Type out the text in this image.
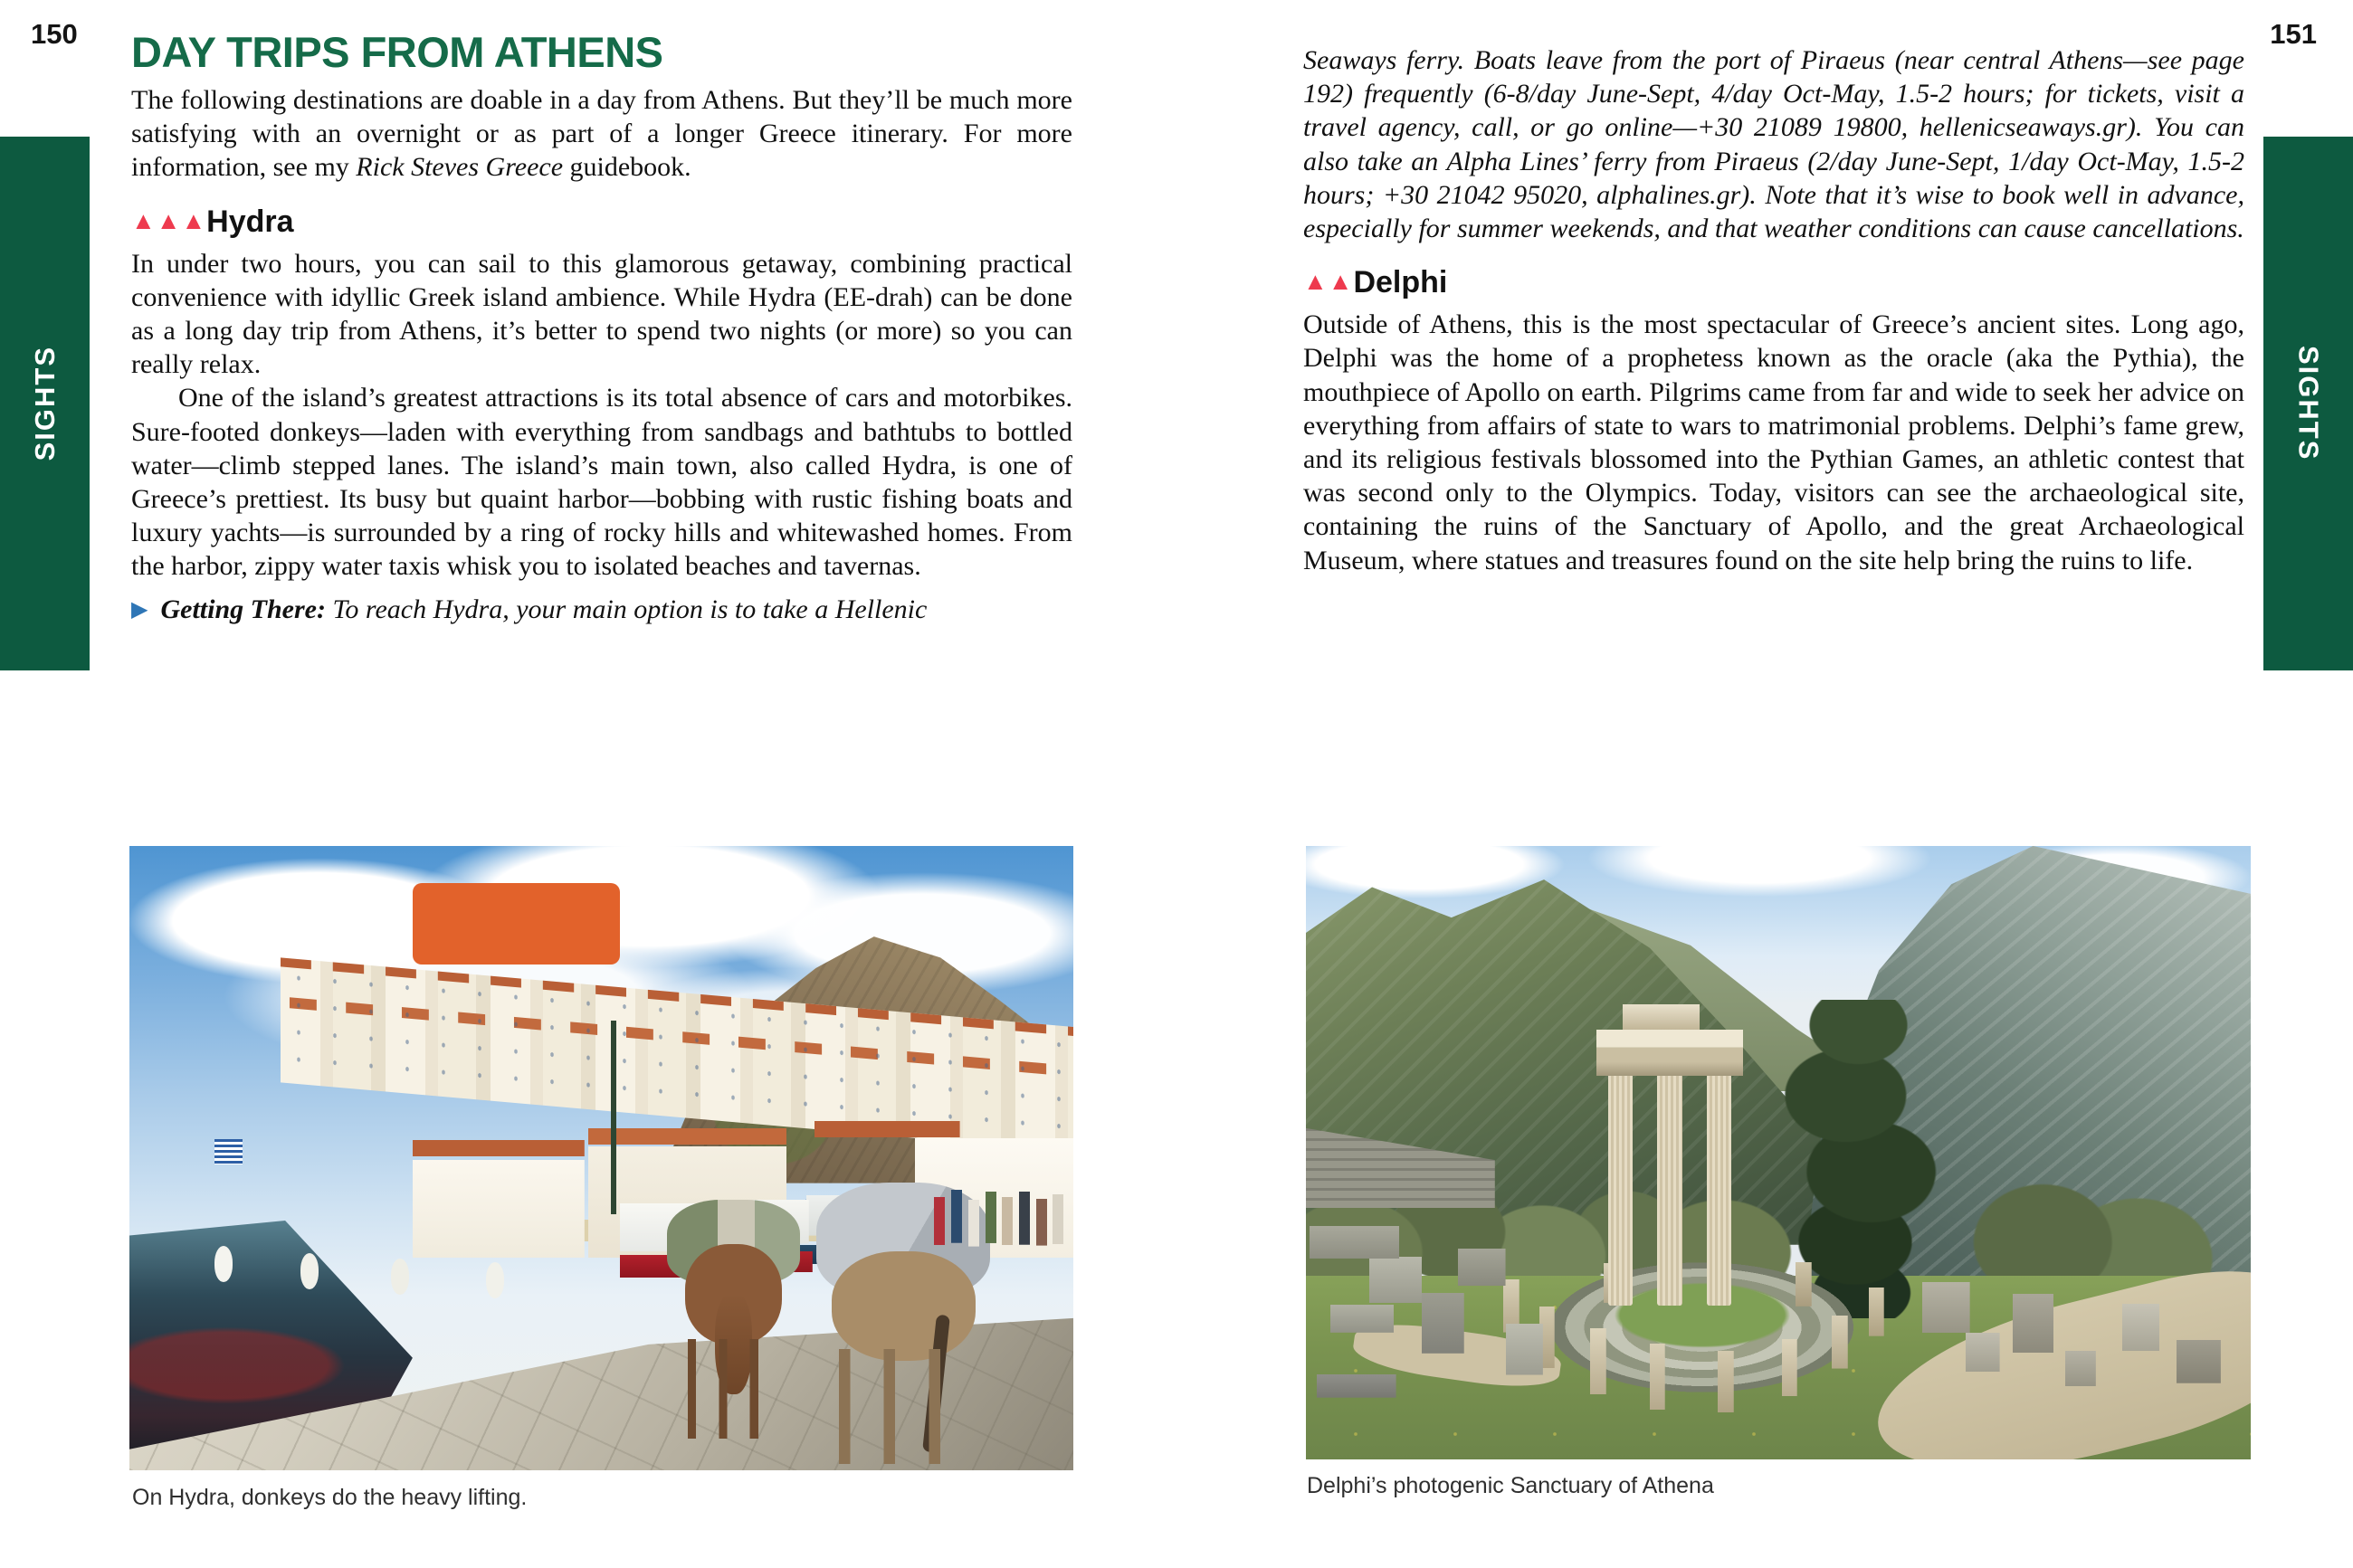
150	151
SIGHTS	SIGHTS
DAY TRIPS FROM ATHENS

The following destinations are doable in a day from Athens. But they’ll be much more satisfying with an overnight or as part of a longer Greece itinerary. For more information, see my Rick Steves Greece guidebook.

▲▲▲Hydra

In under two hours, you can sail to this glamorous getaway, combining practical convenience with idyllic Greek island ambience. While Hydra (EE-drah) can be done as a long day trip from Athens, it’s better to spend two nights (or more) so you can really relax.

One of the island’s greatest attractions is its total absence of cars and motorbikes. Sure-footed donkeys—laden with everything from sandbags and bathtubs to bottled water—climb stepped lanes. The island’s main town, also called Hydra, is one of Greece’s prettiest. Its busy but quaint harbor—bobbing with rustic fishing boats and luxury yachts—is surrounded by a ring of rocky hills and whitewashed homes. From the harbor, zippy water taxis whisk you to isolated beaches and tavernas.

▶ Getting There: To reach Hydra, your main option is to take a Hellenic

Seaways ferry. Boats leave from the port of Piraeus (near central Athens—see page 192) frequently (6-8/day June-Sept, 4/day Oct-May, 1.5-2 hours; for tickets, visit a travel agency, call, or go online—+30 21089 19800, hellenicseaways.gr). You can also take an Alpha Lines’ ferry from Piraeus (2/day June-Sept, 1/day Oct-May, 1.5-2 hours; +30 21042 95020, alphalines.gr). Note that it’s wise to book well in advance, especially for summer weekends, and that weather conditions can cause cancellations.

▲▲Delphi

Outside of Athens, this is the most spectacular of Greece’s ancient sites. Long ago, Delphi was the home of a prophetess known as the oracle (aka the Pythia), the mouthpiece of Apollo on earth. Pilgrims came from far and wide to seek her advice on everything from affairs of state to wars to matrimonial problems. Delphi’s fame grew, and its religious festivals blossomed into the Pythian Games, an athletic contest that was second only to the Olympics. Today, visitors can see the archaeological site, containing the ruins of the Sanctuary of Apollo, and the great Archaeological Museum, where statues and treasures found on the site help bring the ruins to life.

On Hydra, donkeys do the heavy lifting.	Delphi’s photogenic Sanctuary of Athena
